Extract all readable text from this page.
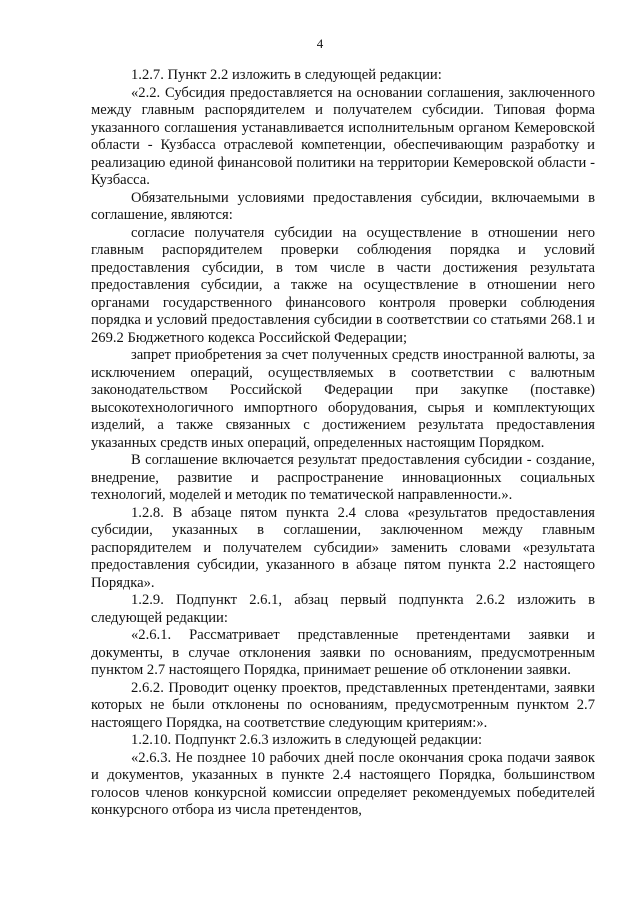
4

1.2.7. Пункт 2.2 изложить в следующей редакции:

«2.2. Субсидия предоставляется на основании соглашения, заключенного между главным распорядителем и получателем субсидии. Типовая форма указанного соглашения устанавливается исполнительным органом Кемеровской области - Кузбасса отраслевой компетенции, обеспечивающим разработку и реализацию единой финансовой политики на территории Кемеровской области - Кузбасса.

Обязательными условиями предоставления субсидии, включаемыми в соглашение, являются:

согласие получателя субсидии на осуществление в отношении него главным распорядителем проверки соблюдения порядка и условий предоставления субсидии, в том числе в части достижения результата предоставления субсидии, а также на осуществление в отношении него органами государственного финансового контроля проверки соблюдения порядка и условий предоставления субсидии в соответствии со статьями 268.1 и 269.2 Бюджетного кодекса Российской Федерации;

запрет приобретения за счет полученных средств иностранной валюты, за исключением операций, осуществляемых в соответствии с валютным законодательством Российской Федерации при закупке (поставке) высокотехнологичного импортного оборудования, сырья и комплектующих изделий, а также связанных с достижением результата предоставления указанных средств иных операций, определенных настоящим Порядком.

В соглашение включается результат предоставления субсидии - создание, внедрение, развитие и распространение инновационных социальных технологий, моделей и методик по тематической направленности.».

1.2.8. В абзаце пятом пункта 2.4 слова «результатов предоставления субсидии, указанных в соглашении, заключенном между главным распорядителем и получателем субсидии» заменить словами «результата предоставления субсидии, указанного в абзаце пятом пункта 2.2 настоящего Порядка».

1.2.9. Подпункт 2.6.1, абзац первый подпункта 2.6.2 изложить в следующей редакции:

«2.6.1. Рассматривает представленные претендентами заявки и документы, в случае отклонения заявки по основаниям, предусмотренным пунктом 2.7 настоящего Порядка, принимает решение об отклонении заявки.

2.6.2. Проводит оценку проектов, представленных претендентами, заявки которых не были отклонены по основаниям, предусмотренным пунктом 2.7 настоящего Порядка, на соответствие следующим критериям:».

1.2.10. Подпункт 2.6.3 изложить в следующей редакции:

«2.6.3. Не позднее 10 рабочих дней после окончания срока подачи заявок и документов, указанных в пункте 2.4 настоящего Порядка, большинством голосов членов конкурсной комиссии определяет рекомендуемых победителей конкурсного отбора из числа претендентов,
